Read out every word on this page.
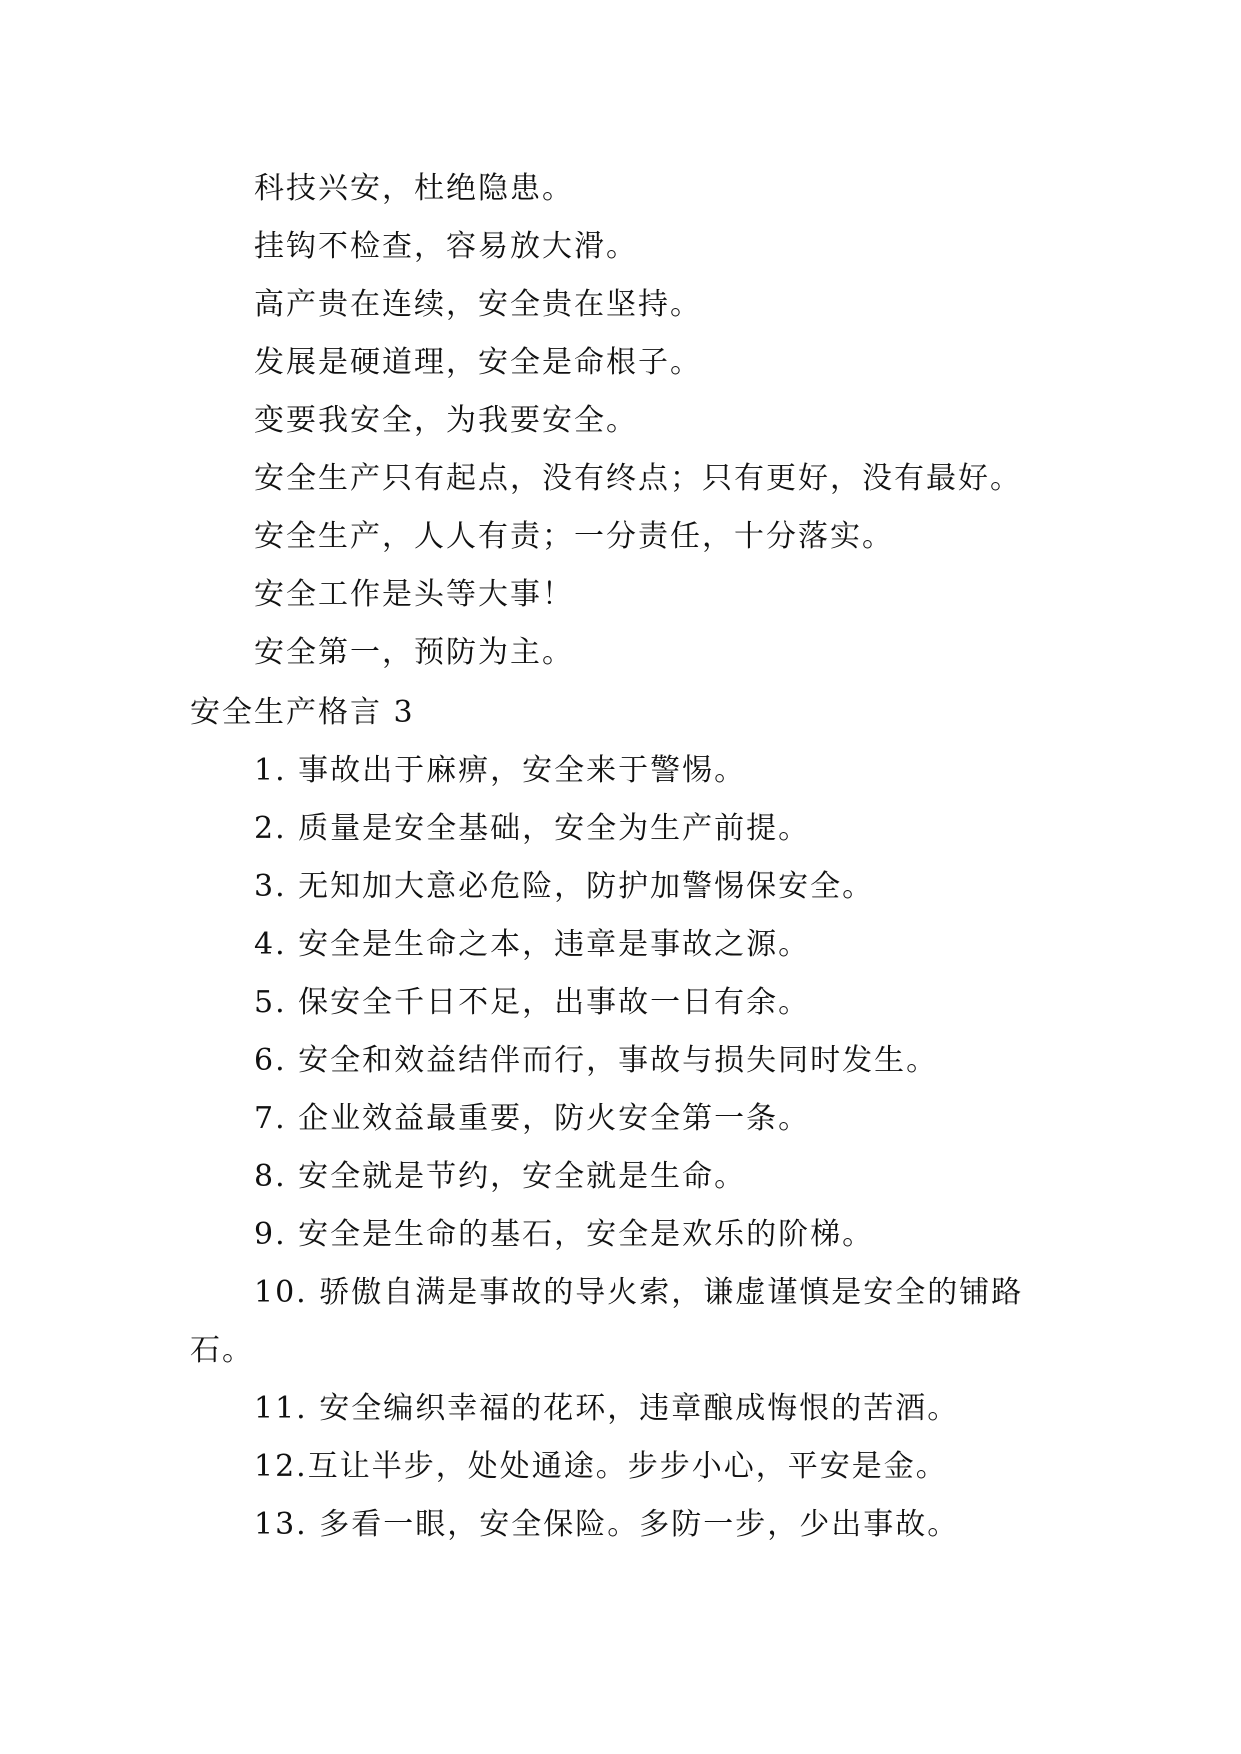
科技兴安，杜绝隐患。
挂钩不检查，容易放大滑。
高产贵在连续，安全贵在坚持。
发展是硬道理，安全是命根子。
变要我安全，为我要安全。
安全生产只有起点，没有终点；只有更好，没有最好。
安全生产，人人有责；一分责任，十分落实。
安全工作是头等大事！
安全第一，预防为主。
安全生产格言 3
1. 事故出于麻痹，安全来于警惕。
2. 质量是安全基础，安全为生产前提。
3. 无知加大意必危险，防护加警惕保安全。
4. 安全是生命之本，违章是事故之源。
5. 保安全千日不足，出事故一日有余。
6. 安全和效益结伴而行，事故与损失同时发生。
7. 企业效益最重要，防火安全第一条。
8. 安全就是节约，安全就是生命。
9. 安全是生命的基石，安全是欢乐的阶梯。
10. 骄傲自满是事故的导火索，谦虚谨慎是安全的铺路
石。
11. 安全编织幸福的花环，违章酿成悔恨的苦酒。
12.互让半步，处处通途。步步小心，平安是金。
13. 多看一眼，安全保险。多防一步，少出事故。
